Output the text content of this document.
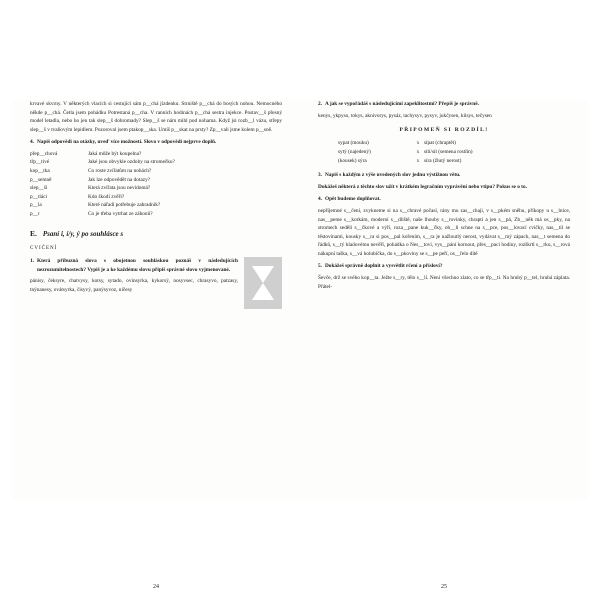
krvavé skvrny. V některých vlacích si cestující sám p__chá jízdenku. Strniště p__chá do bosých nohou. Nemocného někde p__chá. Četla jsem pohádku Potrestaná p__cha. V ranních hodinách p__chá sestra injekce. Postav__š přesný model letadla, nebo ho jen tak slep__š dohromady? Slep__š se nám mihl pod nohama. Když jsi rozb__l vázu, střepy slep__š v tvaňovým lepidlem. Pozoroval jsem ptakop__ska. Umíš p__skat na prsty? Zp__vali jsme kolem p__sně.

4. Napiš odpovědi na otázky, uveď více možností. Slovo v odpovědi nejprve doplň.
přep__chová	Jaká může být koupelna?
třp__tivé	Jaké jsou obvykle ozdoby na stromečku?
kop__tka	Co roste zvířatům na nohách?
p__semně	Jak lze odpovědět na dotazy?
slep__ši	Která zvířata jsou nevidomá?
p__tláci	Kdo škodí zvěři?
p__la	Které nářadí potřebuje zahradník?
p__r	Co je třeba vytrhat ze záhonů?
E. Psaní i, í/y, ý po souhlásce s
CVIČENÍ
1. Která příbuzná slova s obojetnou souhláskou poznáš v následujících nezrozumitelnostech? Vypiš je a ke každému slovu připiš správné slovo vyjmenované.

pánisy, čeksyre, chatvysy, kotsy, sytado, ovinsyrka, kykorsý, nosyvsec, chrasyvo, patzasy, tnýnanesy, ovátsyrka, čisyvý, panýsyvoz, ničesy

2. A jak se vypořádáš s následujícími zapeklitostmi? Přepiš je správně.

kenys, ykpyso, tokys, aknivorys, pysáz, tachysyv, pysyv, jukčysen, kilsys, tečysen

PŘIPOMEŇ SI ROZDÍL!
sypat (mouku)	x sípat (chraptět)
sytý (najedený)	x sítí/sít (semena rostlin)
(kousek) sýra	x síra (žlutý nerost)
3. Napiš s každým z výše uvedených slov jednu výstižnou větu.

Dokážeš některá z těchto slov užít v krátkém legračním vyprávění nebo vtipu? Pokus se o to.

4. Opět budeme doplňovat.

nepříjemné s__čení, zvykneme si na s__chravé počasí, rány mu zas__chaji, v s__pkém sněhu, příkopy u s__lnice, nas__peme s__korkám, moderní s__dliště, naše lhouby s__rovinky, chrapti a jen s__pá, Zb__něk má os__pky, na stromech seděli s__čkové a výří, roza__pane kuk__čky, ob__li schne na s__pce, pos__lovací cvičky, nas__til se těstovinami, kousky s__ra si pos__pal kořením, s__ra je nažloutlý nerost, vydávat s__mý zápach, nas__t semena do řádků, s__tý hladovému nevěří, pohádka o Nes__tovi, vys__pání kornout, přes__paci hodiny, rozškrtl s__rku, s__rová nákupní taška, s__vá holubička, do s__pkoviny se s__pe peří, os__řelo dítě

5. Dokážeš správně doplnit a vysvětlit rčení a přísloví?

Ševče, drž se svého kop__ta. Ježte s__ry, tělo s__lí. Není všechno zlato, co se třp__tí. Na hrubý p__tel, hrubá záplata. Přátel-

24	25
